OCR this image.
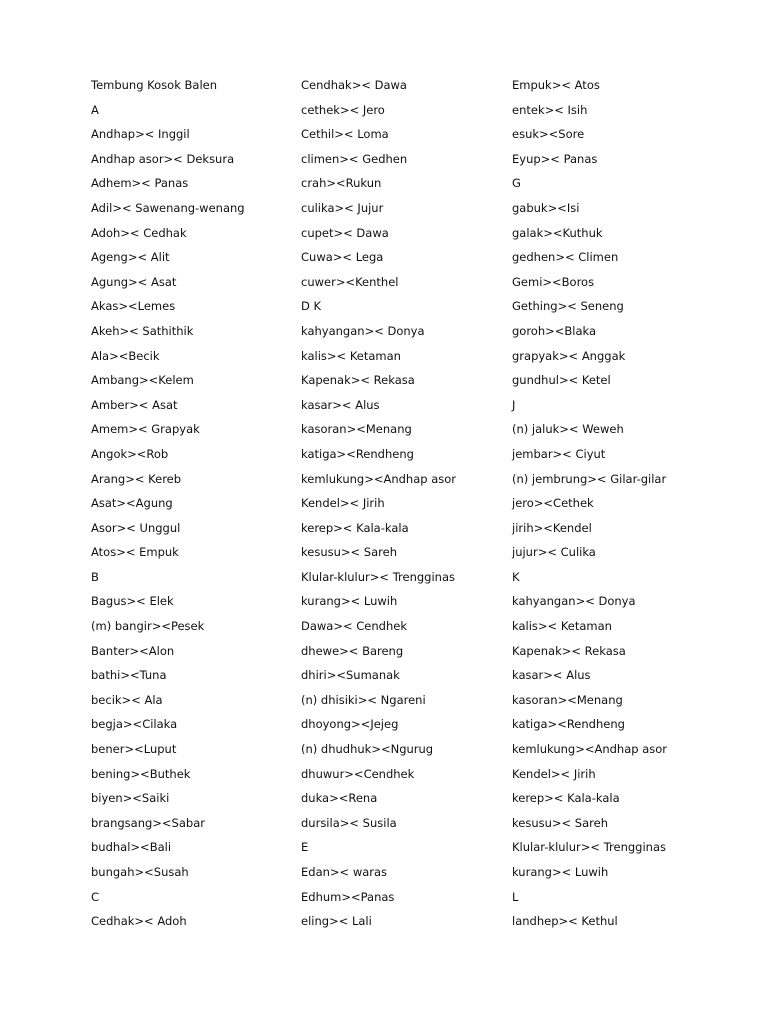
Tembung Kosok Balen
A
Andhap>< Inggil
Andhap asor>< Deksura
Adhem>< Panas
Adil>< Sawenang-wenang
Adoh>< Cedhak
Ageng>< Alit
Agung>< Asat
Akas><Lemes
Akeh>< Sathithik
Ala><Becik
Ambang><Kelem
Amber>< Asat
Amem>< Grapyak
Angok><Rob
Arang>< Kereb
Asat><Agung
Asor>< Unggul
Atos>< Empuk
B
Bagus>< Elek
(m) bangir><Pesek
Banter><Alon
bathi><Tuna
becik>< Ala
begja><Cilaka
bener><Luput
bening><Buthek
biyen><Saiki
brangsang><Sabar
budhal><Bali
bungah><Susah
C
Cedhak>< Adoh
Cendhak>< Dawa
cethek>< Jero
Cethil>< Loma
climen>< Gedhen
crah><Rukun
culika>< Jujur
cupet>< Dawa
Cuwa>< Lega
cuwer><Kenthel
D K
kahyangan>< Donya
kalis>< Ketaman
Kapenak>< Rekasa
kasar>< Alus
kasoran><Menang
katiga><Rendheng
kemlukung><Andhap asor
Kendel>< Jirih
kerep>< Kala-kala
kesusu>< Sareh
Klular-klulur>< Trengginas
kurang>< Luwih
Dawa>< Cendhek
dhewe>< Bareng
dhiri><Sumanak
(n) dhisiki>< Ngareni
dhoyong><Jejeg
(n) dhudhuk><Ngurug
dhuwur><Cendhek
duka><Rena
dursila>< Susila
E
Edan>< waras
Edhum><Panas
eling>< Lali
Empuk>< Atos
entek>< Isih
esuk><Sore
Eyup>< Panas
G
gabuk><Isi
galak><Kuthuk
gedhen>< Climen
Gemi><Boros
Gething>< Seneng
goroh><Blaka
grapyak>< Anggak
gundhul>< Ketel
J
(n) jaluk>< Weweh
jembar>< Ciyut
(n) jembrung>< Gilar-gilar
jero><Cethek
jirih><Kendel
jujur>< Culika
K
kahyangan>< Donya
kalis>< Ketaman
Kapenak>< Rekasa
kasar>< Alus
kasoran><Menang
katiga><Rendheng
kemlukung><Andhap asor
Kendel>< Jirih
kerep>< Kala-kala
kesusu>< Sareh
Klular-klulur>< Trengginas
kurang>< Luwih
L
landhep>< Kethul
